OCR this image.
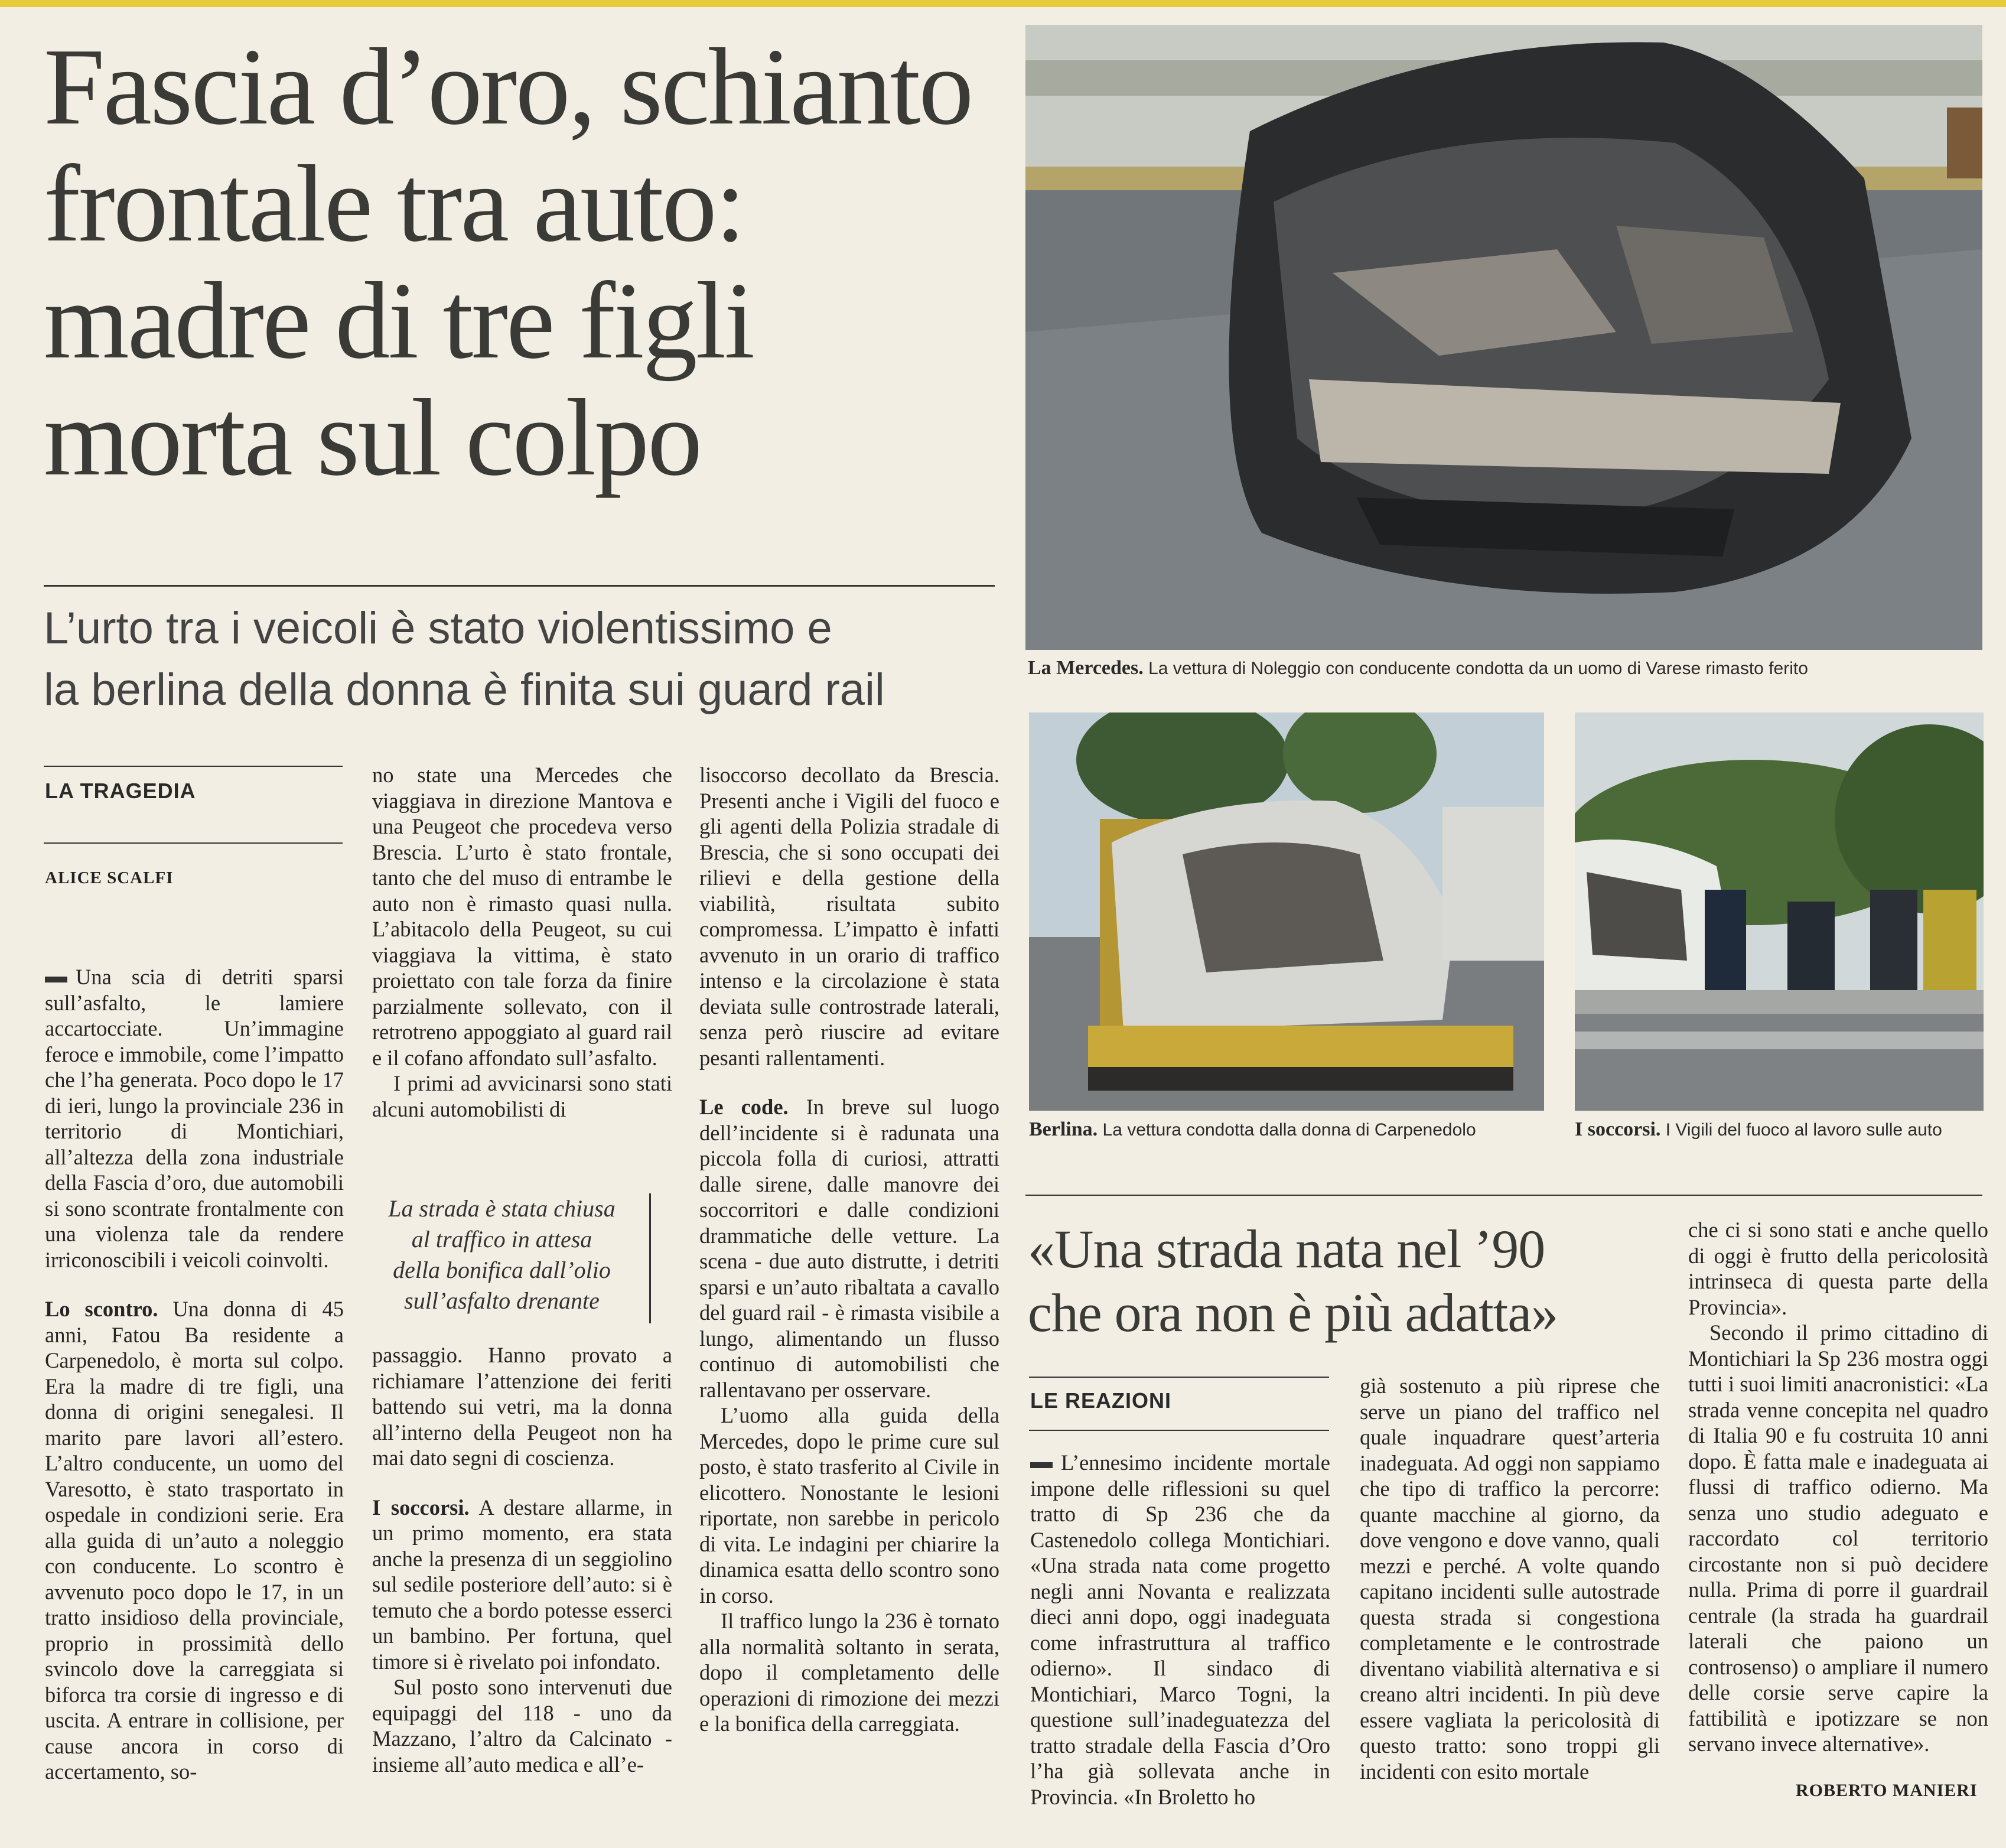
Fascia d’oro, schianto
frontale tra auto:
madre di tre figli
morta sul colpo
L’urto tra i veicoli è stato violentissimo e
la berlina della donna è finita sui guard rail
LA TRAGEDIA
ALICE SCALFI

Una scia di detriti sparsi sull’asfalto, le lamiere accartocciate. Un’immagine feroce e immobile, come l’impatto che l’ha generata. Poco dopo le 17 di ieri, lungo la provinciale 236 in territorio di Montichiari, all’altezza della zona industriale della Fascia d’oro, due automobili si sono scontrate frontalmente con una violenza tale da rendere irriconoscibili i veicoli coinvolti.

Lo scontro. Una donna di 45 anni, Fatou Ba residente a Carpenedolo, è morta sul colpo. Era la madre di tre figli, una donna di origini senegalesi. Il marito pare lavori all’estero. L’altro conducente, un uomo del Varesotto, è stato trasportato in ospedale in condizioni serie. Era alla guida di un’auto a noleggio con conducente. Lo scontro è avvenuto poco dopo le 17, in un tratto insidioso della provinciale, proprio in prossimità dello svincolo dove la carreggiata si biforca tra corsie di ingresso e di uscita. A entrare in collisione, per cause ancora in corso di accertamento, so-

no state una Mercedes che viaggiava in direzione Mantova e una Peugeot che procedeva verso Brescia. L’urto è stato frontale, tanto che del muso di entrambe le auto non è rimasto quasi nulla. L’abitacolo della Peugeot, su cui viaggiava la vittima, è stato proiettato con tale forza da finire parzialmente sollevato, con il retrotreno appoggiato al guard rail e il cofano affondato sull’asfalto.

I primi ad avvicinarsi sono stati alcuni automobilisti di

La strada è stata chiusa
al traffico in attesa
della bonifica dall’olio
sull’asfalto drenante

passaggio. Hanno provato a richiamare l’attenzione dei feriti battendo sui vetri, ma la donna all’interno della Peugeot non ha mai dato segni di coscienza.

I soccorsi. A destare allarme, in un primo momento, era stata anche la presenza di un seggiolino sul sedile posteriore dell’auto: si è temuto che a bordo potesse esserci un bambino. Per fortuna, quel timore si è rivelato poi infondato.

Sul posto sono intervenuti due equipaggi del 118 - uno da Mazzano, l’altro da Calcinato - insieme all’auto medica e all’e-

lisoccorso decollato da Brescia. Presenti anche i Vigili del fuoco e gli agenti della Polizia stradale di Brescia, che si sono occupati dei rilievi e della gestione della viabilità, risultata subito compromessa. L’impatto è infatti avvenuto in un orario di traffico intenso e la circolazione è stata deviata sulle controstrade laterali, senza però riuscire ad evitare pesanti rallentamenti.

Le code. In breve sul luogo dell’incidente si è radunata una piccola folla di curiosi, attratti dalle sirene, dalle manovre dei soccorritori e dalle condizioni drammatiche delle vetture. La scena - due auto distrutte, i detriti sparsi e un’auto ribaltata a cavallo del guard rail - è rimasta visibile a lungo, alimentando un flusso continuo di automobilisti che rallentavano per osservare.

L’uomo alla guida della Mercedes, dopo le prime cure sul posto, è stato trasferito al Civile in elicottero. Nonostante le lesioni riportate, non sarebbe in pericolo di vita. Le indagini per chiarire la dinamica esatta dello scontro sono in corso.

Il traffico lungo la 236 è tornato alla normalità soltanto in serata, dopo il completamento delle operazioni di rimozione dei mezzi e la bonifica della carreggiata.

La Mercedes. La vettura di Noleggio con conducente condotta da un uomo di Varese rimasto ferito
Berlina. La vettura condotta dalla donna di Carpenedolo	I soccorsi. I Vigili del fuoco al lavoro sulle auto
«Una strada nata nel ’90
che ora non è più adatta»
LE REAZIONI

L’ennesimo incidente mortale impone delle riflessioni su quel tratto di Sp 236 che da Castenedolo collega Montichiari. «Una strada nata come progetto negli anni Novanta e realizzata dieci anni dopo, oggi inadeguata come infrastruttura al traffico odierno». Il sindaco di Montichiari, Marco Togni, la questione sull’inadeguatezza del tratto stradale della Fascia d’Oro l’ha già sollevata anche in Provincia. «In Broletto ho

già sostenuto a più riprese che serve un piano del traffico nel quale inquadrare quest’arteria inadeguata. Ad oggi non sappiamo che tipo di traffico la percorre: quante macchine al giorno, da dove vengono e dove vanno, quali mezzi e perché. A volte quando capitano incidenti sulle autostrade questa strada si congestiona completamente e le controstrade diventano viabilità alternativa e si creano altri incidenti. In più deve essere vagliata la pericolosità di questo tratto: sono troppi gli incidenti con esito mortale

che ci si sono stati e anche quello di oggi è frutto della pericolosità intrinseca di questa parte della Provincia».

Secondo il primo cittadino di Montichiari la Sp 236 mostra oggi tutti i suoi limiti anacronistici: «La strada venne concepita nel quadro di Italia 90 e fu costruita 10 anni dopo. È fatta male e inadeguata ai flussi di traffico odierno. Ma senza uno studio adeguato e raccordato col territorio circostante non si può decidere nulla. Prima di porre il guardrail centrale (la strada ha guardrail laterali che paiono un controsenso) o ampliare il numero delle corsie serve capire la fattibilità e ipotizzare se non servano invece alternative».

ROBERTO MANIERI
